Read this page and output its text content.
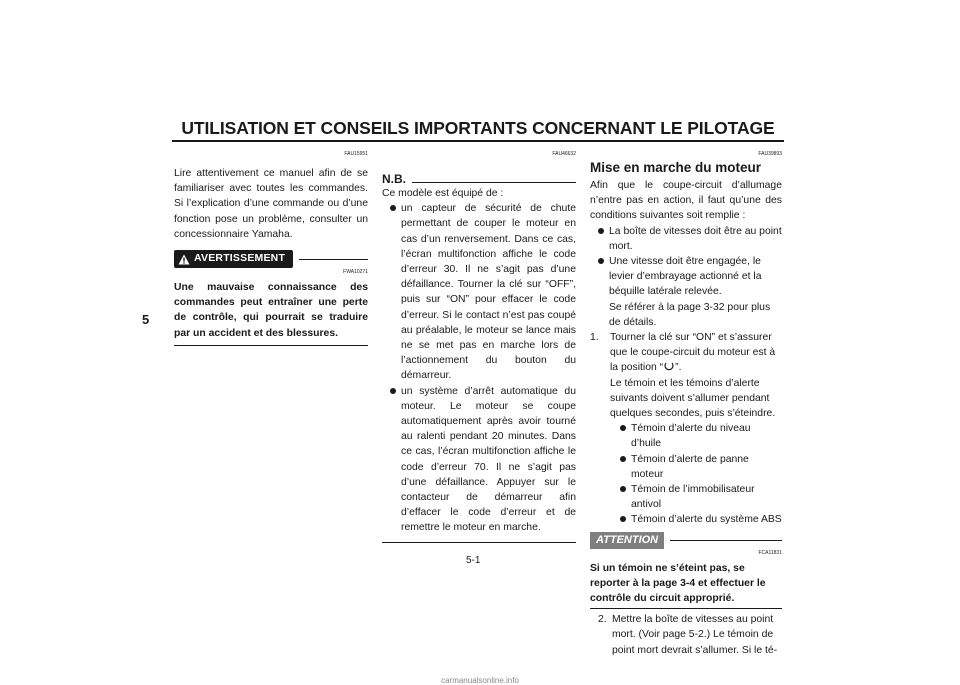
UTILISATION ET CONSEILS IMPORTANTS CONCERNANT LE PILOTAGE
5
FAU15951

Lire attentivement ce manuel afin de se familiariser avec toutes les commandes. Si l’explication d’une commande ou d’une fonction pose un problème, consulter un concessionnaire Yamaha.

AVERTISSEMENT
FWA10271

Une mauvaise connaissance des commandes peut entraîner une perte de contrôle, qui pourrait se traduire par un accident et des blessures.

FAU46632
N.B.

Ce modèle est équipé de :

un capteur de sécurité de chute permettant de couper le moteur en cas d’un renversement. Dans ce cas, l’écran multifonction affiche le code d’erreur 30. Il ne s’agit pas d’une défaillance. Tourner la clé sur “OFF”, puis sur “ON” pour effacer le code d’erreur. Si le contact n’est pas coupé au préalable, le moteur se lance mais ne se met pas en marche lors de l’actionnement du bouton du démarreur.
un système d’arrêt automatique du moteur. Le moteur se coupe automatiquement après avoir tourné au ralenti pendant 20 minutes. Dans ce cas, l’écran multifonction affiche le code d’erreur 70. Il ne s’agit pas d’une défaillance. Appuyer sur le contacteur de démarreur afin d’effacer le code d’erreur et de remettre le moteur en marche.
FAU39893
Mise en marche du moteur

Afin que le coupe-circuit d’allumage n’entre pas en action, il faut qu’une des conditions suivantes soit remplie :

La boîte de vitesses doit être au point mort.
Une vitesse doit être engagée, le levier d’embrayage actionné et la béquille latérale relevée.

Se référer à la page 3-32 pour plus de détails.

1.	Tourner la clé sur “ON” et s’assurer que le coupe-circuit du moteur est à la position “ ”.

Le témoin et les témoins d’alerte suivants doivent s’allumer pendant quelques secondes, puis s’éteindre.

Témoin d’alerte du niveau d’huile
Témoin d’alerte de panne moteur
Témoin de l’immobilisateur antivol
Témoin d’alerte du système ABS
ATTENTION
FCA11831

Si un témoin ne s’éteint pas, se reporter à la page 3-4 et effectuer le contrôle du circuit approprié.

2. Mettre la boîte de vitesses au point mort. (Voir page 5-2.) Le témoin de point mort devrait s’allumer. Si le té-
5-1
carmanualsonline.info
